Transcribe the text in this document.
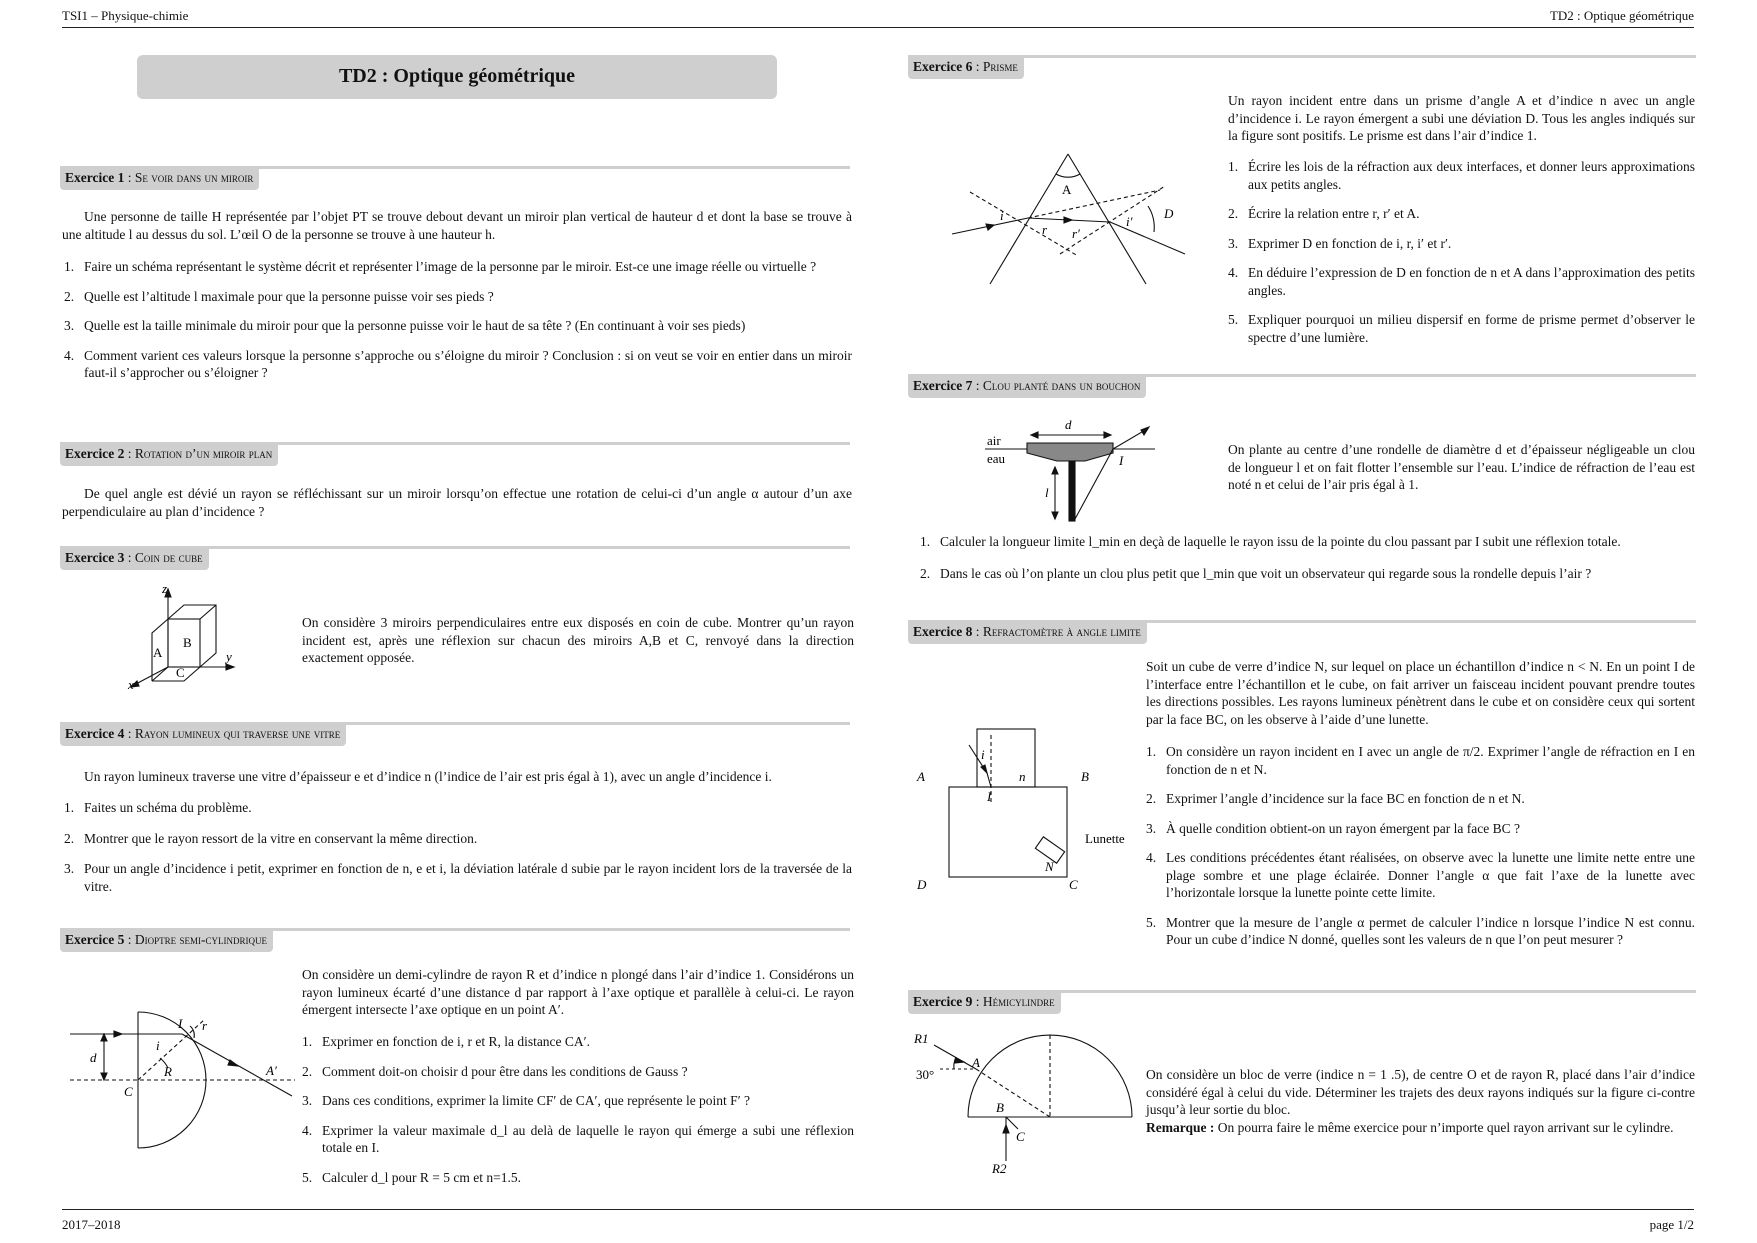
TSI1 – Physique-chimie	TD2 : Optique géométrique
TD2 : Optique géométrique
Exercice 1 : Se voir dans un miroir

Une personne de taille H représentée par l’objet PT se trouve debout devant un miroir plan vertical de hauteur d et dont la base se trouve à une altitude l au dessus du sol. L’œil O de la personne se trouve à une hauteur h.

1. Faire un schéma représentant le système décrit et représenter l’image de la personne par le miroir. Est-ce une image réelle ou virtuelle ?
2. Quelle est l’altitude l maximale pour que la personne puisse voir ses pieds ?
3. Quelle est la taille minimale du miroir pour que la personne puisse voir le haut de sa tête ? (En continuant à voir ses pieds)
4. Comment varient ces valeurs lorsque la personne s’approche ou s’éloigne du miroir ? Conclusion : si on veut se voir en entier dans un miroir faut-il s’approcher ou s’éloigner ?
Exercice 2 : Rotation d’un miroir plan

De quel angle est dévié un rayon se réfléchissant sur un miroir lorsqu’on effectue une rotation de celui-ci d’un angle α autour d’un axe perpendiculaire au plan d’incidence ?

Exercice 3 : Coin de cube
z
y
x
A
B
C

On considère 3 miroirs perpendiculaires entre eux disposés en coin de cube. Montrer qu’un rayon incident est, après une réflexion sur chacun des miroirs A,B et C, renvoyé dans la direction exactement opposée.

Exercice 4 : Rayon lumineux qui traverse une vitre

Un rayon lumineux traverse une vitre d’épaisseur e et d’indice n (l’indice de l’air est pris égal à 1), avec un angle d’incidence i.

1. Faites un schéma du problème.
2. Montrer que le rayon ressort de la vitre en conservant la même direction.
3. Pour un angle d’incidence i petit, exprimer en fonction de n, e et i, la déviation latérale d subie par le rayon incident lors de la traversée de la vitre.
Exercice 5 : Dioptre semi-cylindrique
d
C
i
R
I r
A′

On considère un demi-cylindre de rayon R et d’indice n plongé dans l’air d’indice 1. Considérons un rayon lumineux écarté d’une distance d par rapport à l’axe optique et parallèle à celui-ci. Le rayon émergent intersecte l’axe optique en un point A′.

1. Exprimer en fonction de i, r et R, la distance CA′.
2. Comment doit-on choisir d pour être dans les conditions de Gauss ?
3. Dans ces conditions, exprimer la limite CF′ de CA′, que représente le point F′ ?
4. Exprimer la valeur maximale d_l au delà de laquelle le rayon qui émerge a subi une réflexion totale en I.
5. Calculer d_l pour R = 5 cm et n=1.5.
Exercice 6 : Prisme
A
i
r r′
i′
D

Un rayon incident entre dans un prisme d’angle A et d’indice n avec un angle d’incidence i. Le rayon émergent a subi une déviation D. Tous les angles indiqués sur la figure sont positifs. Le prisme est dans l’air d’indice 1.

1. Écrire les lois de la réfraction aux deux interfaces, et donner leurs approximations aux petits angles.
2. Écrire la relation entre r, r′ et A.
3. Exprimer D en fonction de i, r, i′ et r′.
4. En déduire l’expression de D en fonction de n et A dans l’approximation des petits angles.
5. Expliquer pourquoi un milieu dispersif en forme de prisme permet d’observer le spectre d’une lumière.
Exercice 7 : Clou planté dans un bouchon
d
air
eau
l
I

On plante au centre d’une rondelle de diamètre d et d’épaisseur négligeable un clou de longueur l et on fait flotter l’ensemble sur l’eau. L’indice de réfraction de l’eau est noté n et celui de l’air pris égal à 1.

1. Calculer la longueur limite l_min en deçà de laquelle le rayon issu de la pointe du clou passant par I subit une réflexion totale.
2. Dans le cas où l’on plante un clou plus petit que l_min que voit un observateur qui regarde sous la rondelle depuis l’air ?
Exercice 8 : Refractomètre à angle limite
A	n	B
i
I
Lunette
N
D	C

Soit un cube de verre d’indice N, sur lequel on place un échantillon d’indice n < N. En un point I de l’interface entre l’échantillon et le cube, on fait arriver un faisceau incident pouvant prendre toutes les directions possibles. Les rayons lumineux pénètrent dans le cube et on considère ceux qui sortent par la face BC, on les observe à l’aide d’une lunette.

1. On considère un rayon incident en I avec un angle de π/2. Exprimer l’angle de réfraction en I en fonction de n et N.
2. Exprimer l’angle d’incidence sur la face BC en fonction de n et N.
3. À quelle condition obtient-on un rayon émergent par la face BC ?
4. Les conditions précédentes étant réalisées, on observe avec la lunette une limite nette entre une plage sombre et une plage éclairée. Donner l’angle α que fait l’axe de la lunette avec l’horizontale lorsque la lunette pointe cette limite.
5. Montrer que la mesure de l’angle α permet de calculer l’indice n lorsque l’indice N est connu. Pour un cube d’indice N donné, quelles sont les valeurs de n que l’on peut mesurer ?
Exercice 9 : Hémicylindre
R1
30°
A
B
C
R2

On considère un bloc de verre (indice n = 1 .5), de centre O et de rayon R, placé dans l’air d’indice considéré égal à celui du vide. Déterminer les trajets des deux rayons indiqués sur la figure ci-contre jusqu’à leur sortie du bloc.

Remarque : On pourra faire le même exercice pour n’importe quel rayon arrivant sur le cylindre.

2017–2018	page 1/2
